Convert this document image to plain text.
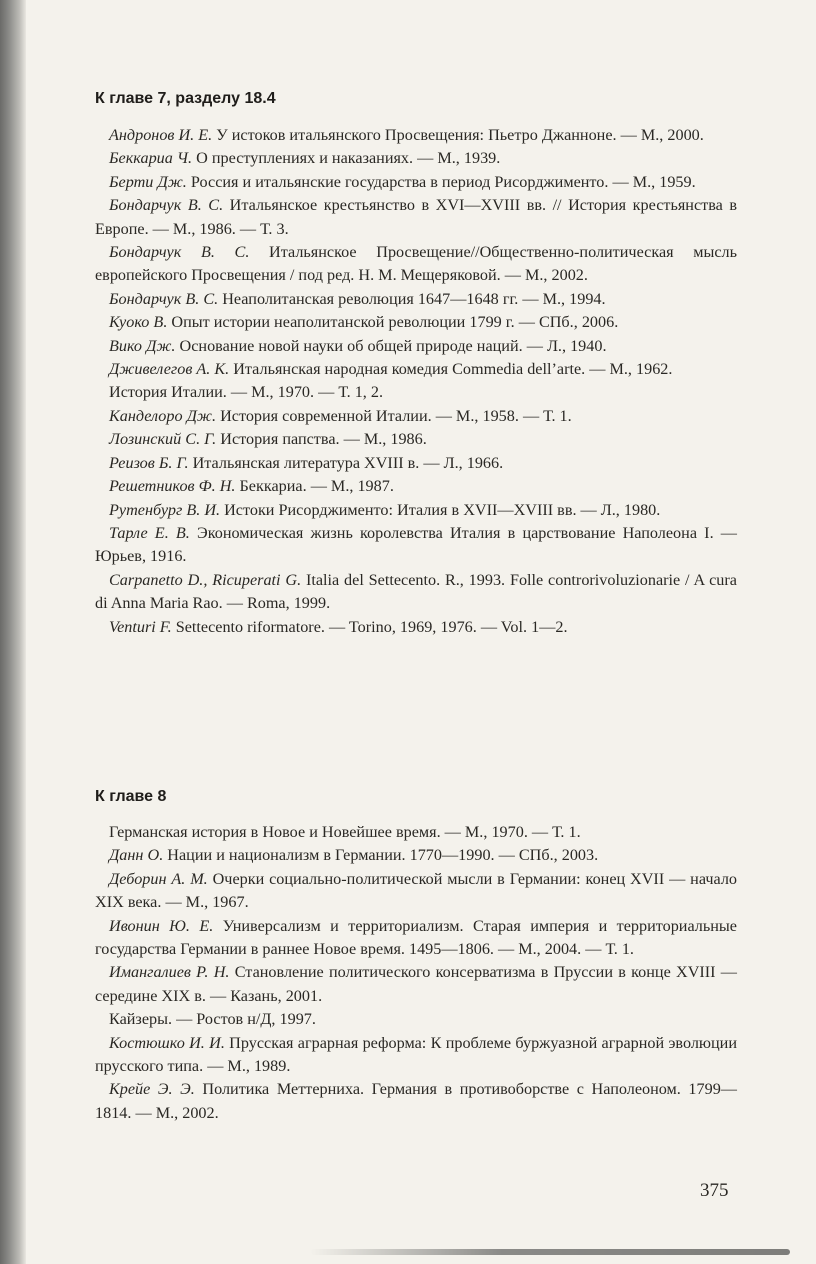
К главе 7, разделу 18.4

Андронов И. Е. У истоков итальянского Просвещения: Пьетро Джанноне. — М., 2000.

Беккариа Ч. О преступлениях и наказаниях. — М., 1939.

Берти Дж. Россия и итальянские государства в период Рисорджименто. — М., 1959.

Бондарчук В. С. Итальянское крестьянство в XVI—XVIII вв. // История крестьянства в Европе. — М., 1986. — Т. 3.

Бондарчук В. С. Итальянское Просвещение//Общественно-политическая мысль европейского Просвещения / под ред. Н. М. Мещеряковой. — М., 2002.

Бондарчук В. С. Неаполитанская революция 1647—1648 гг. — М., 1994.

Куоко В. Опыт истории неаполитанской революции 1799 г. — СПб., 2006.

Вико Дж. Основание новой науки об общей природе наций. — Л., 1940.

Дживелегов А. К. Итальянская народная комедия Commedia dell’arte. — М., 1962.

История Италии. — М., 1970. — Т. 1, 2.

Канделоро Дж. История современной Италии. — М., 1958. — Т. 1.

Лозинский С. Г. История папства. — М., 1986.

Реизов Б. Г. Итальянская литература XVIII в. — Л., 1966.

Решетников Ф. Н. Беккариа. — М., 1987.

Рутенбург В. И. Истоки Рисорджименто: Италия в XVII—XVIII вв. — Л., 1980.

Тарле Е. В. Экономическая жизнь королевства Италия в царствование Наполеона I. — Юрьев, 1916.

Carpanetto D., Ricuperati G. Italia del Settecento. R., 1993. Folle controrivoluzionarie / A cura di Anna Maria Rao. — Roma, 1999.

Venturi F. Settecento riformatore. — Torino, 1969, 1976. — Vol. 1—2.

К главе 8

Германская история в Новое и Новейшее время. — М., 1970. — Т. 1.

Данн О. Нации и национализм в Германии. 1770—1990. — СПб., 2003.

Деборин А. М. Очерки социально-политической мысли в Германии: конец XVII — начало XIX века. — М., 1967.

Ивонин Ю. Е. Универсализм и территориализм. Старая империя и территориальные государства Германии в раннее Новое время. 1495—1806. — М., 2004. — Т. 1.

Имангалиев Р. Н. Становление политического консерватизма в Пруссии в конце XVIII — середине XIX в. — Казань, 2001.

Кайзеры. — Ростов н/Д, 1997.

Костюшко И. И. Прусская аграрная реформа: К проблеме буржуазной аграрной эволюции прусского типа. — М., 1989.

Крейе Э. Э. Политика Меттерниха. Германия в противоборстве с Наполеоном. 1799—1814. — М., 2002.

375
